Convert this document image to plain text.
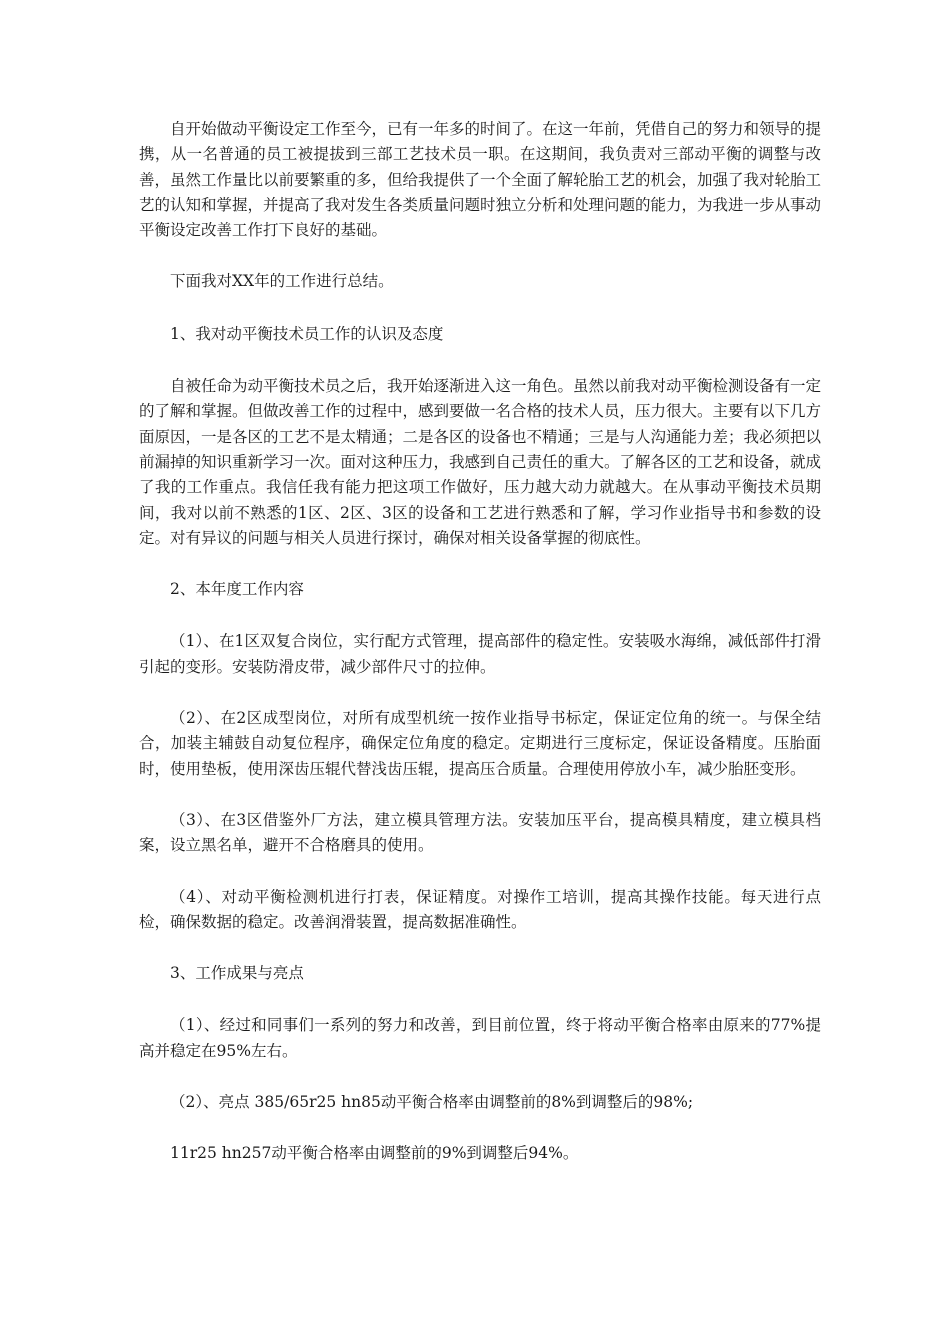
自开始做动平衡设定工作至今，已有一年多的时间了。在这一年前，凭借自己的努力和领导的提携，从一名普通的员工被提拔到三部工艺技术员一职。在这期间，我负责对三部动平衡的调整与改善，虽然工作量比以前要繁重的多，但给我提供了一个全面了解轮胎工艺的机会，加强了我对轮胎工艺的认知和掌握，并提高了我对发生各类质量问题时独立分析和处理问题的能力，为我进一步从事动平衡设定改善工作打下良好的基础。

下面我对XX年的工作进行总结。

1、我对动平衡技术员工作的认识及态度

自被任命为动平衡技术员之后，我开始逐渐进入这一角色。虽然以前我对动平衡检测设备有一定的了解和掌握。但做改善工作的过程中，感到要做一名合格的技术人员，压力很大。主要有以下几方面原因，一是各区的工艺不是太精通；二是各区的设备也不精通；三是与人沟通能力差；我必须把以前漏掉的知识重新学习一次。面对这种压力，我感到自己责任的重大。了解各区的工艺和设备，就成了我的工作重点。我信任我有能力把这项工作做好，压力越大动力就越大。在从事动平衡技术员期间，我对以前不熟悉的1区、2区、3区的设备和工艺进行熟悉和了解，学习作业指导书和参数的设定。对有异议的问题与相关人员进行探讨，确保对相关设备掌握的彻底性。

2、本年度工作内容

（1）、在1区双复合岗位，实行配方式管理，提高部件的稳定性。安装吸水海绵，减低部件打滑引起的变形。安装防滑皮带，减少部件尺寸的拉伸。

（2）、在2区成型岗位，对所有成型机统一按作业指导书标定，保证定位角的统一。与保全结合，加装主辅鼓自动复位程序，确保定位角度的稳定。定期进行三度标定，保证设备精度。压胎面时，使用垫板，使用深齿压辊代替浅齿压辊，提高压合质量。合理使用停放小车，减少胎胚变形。

（3）、在3区借鉴外厂方法，建立模具管理方法。安装加压平台，提高模具精度，建立模具档案，设立黑名单，避开不合格磨具的使用。

（4）、对动平衡检测机进行打表，保证精度。对操作工培训，提高其操作技能。每天进行点检，确保数据的稳定。改善润滑装置，提高数据准确性。

3、工作成果与亮点

（1）、经过和同事们一系列的努力和改善，到目前位置，终于将动平衡合格率由原来的77%提高并稳定在95%左右。

（2）、亮点 385/65r25 hn85动平衡合格率由调整前的8%到调整后的98%;

11r25 hn257动平衡合格率由调整前的9%到调整后94%。
